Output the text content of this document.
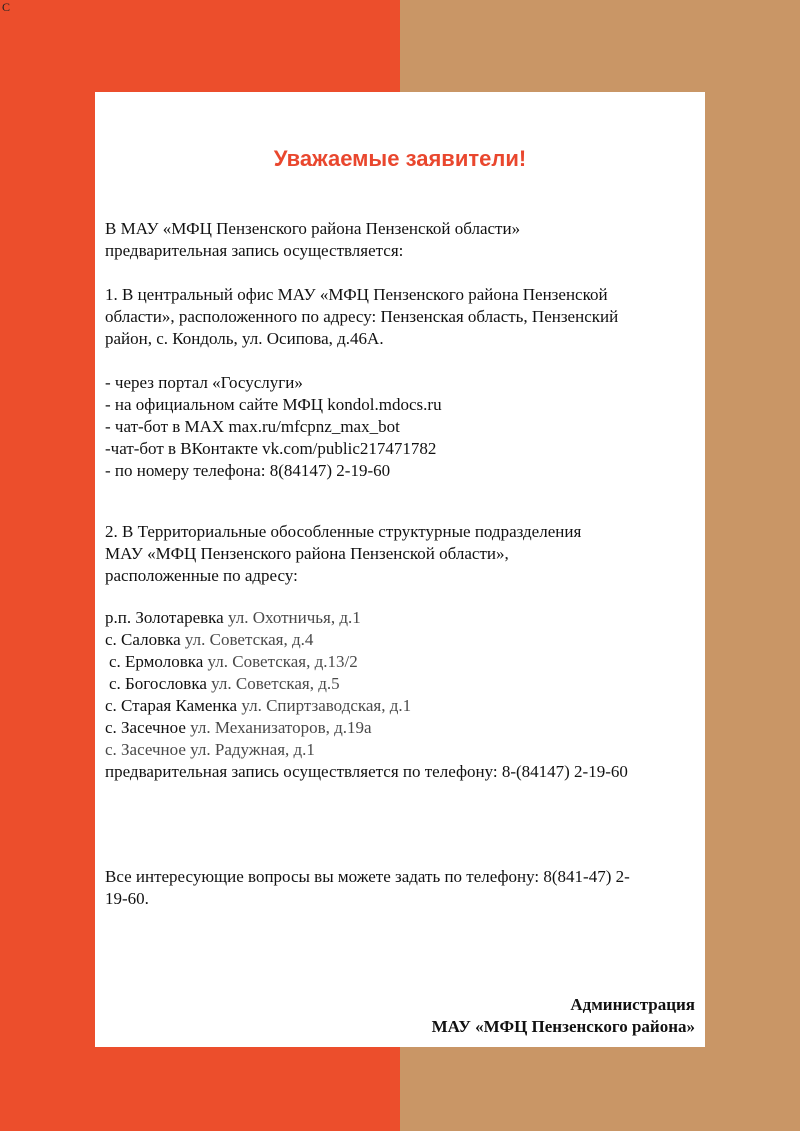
С
Уважаемые заявители!
В МАУ «МФЦ Пензенского района Пензенской области»
предварительная запись осуществляется:
1. В центральный офис МАУ «МФЦ Пензенского района Пензенской
области», расположенного по адресу: Пензенская область, Пензенский
район, с. Кондоль, ул. Осипова, д.46А.
- через портал «Госуслуги»
- на официальном сайте МФЦ kondol.mdocs.ru
- чат-бот в MAX max.ru/mfcpnz_max_bot
-чат-бот в ВКонтакте vk.com/public217471782
- по номеру телефона: 8(84147) 2-19-60
2. В Территориальные обособленные структурные подразделения
МАУ «МФЦ Пензенского района Пензенской области»,
расположенные по адресу:
р.п. Золотаревка ул. Охотничья, д.1
с. Саловка ул. Советская, д.4
с. Ермоловка ул. Советская, д.13/2
с. Богословка ул. Советская, д.5
с. Старая Каменка ул. Спиртзаводская, д.1
с. Засечное ул. Механизаторов, д.19а
с. Засечное ул. Радужная, д.1
предварительная запись осуществляется по телефону: 8-(84147) 2-19-60
Все интересующие вопросы вы можете задать по телефону: 8(841-47) 2-
19-60.
Администрация
МАУ «МФЦ Пензенского района»
